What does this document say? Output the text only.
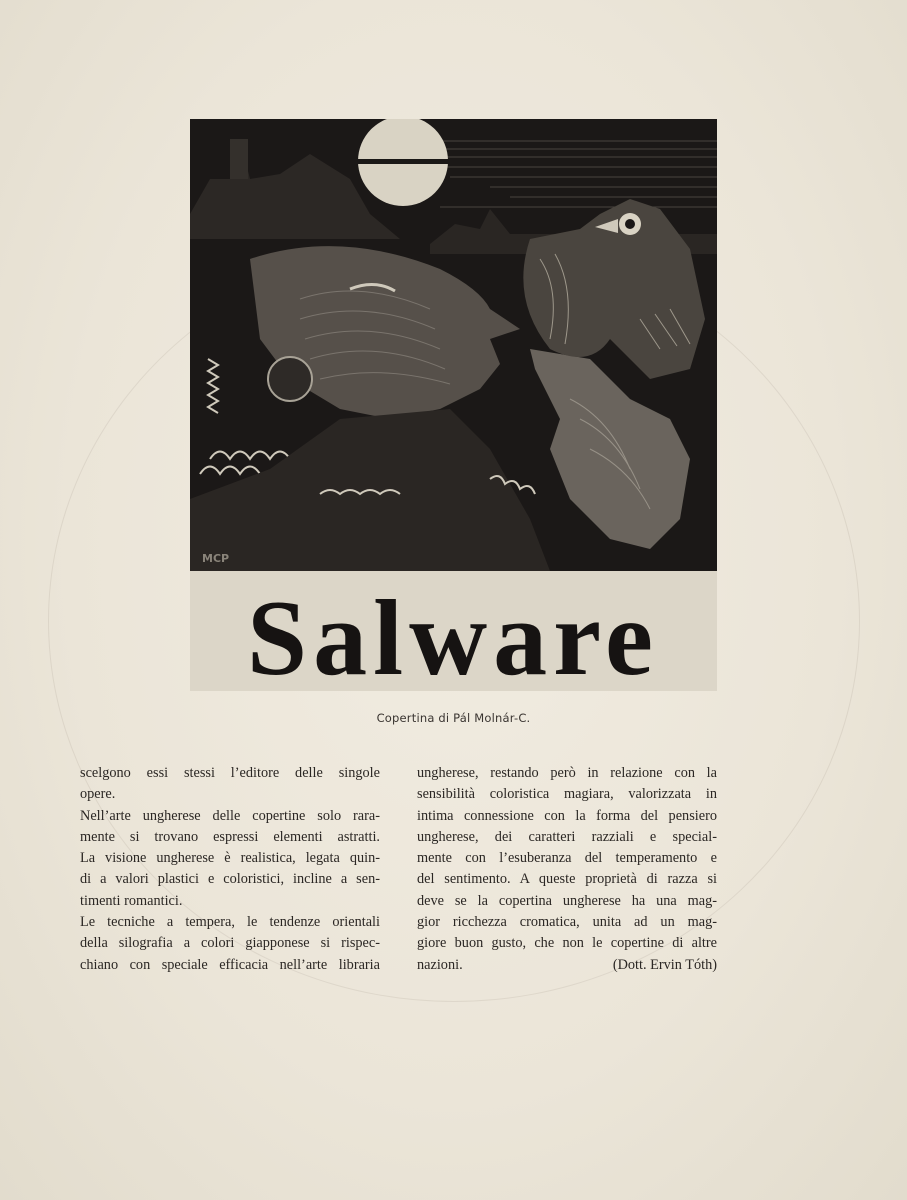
MCP
Salware
Copertina di Pál Molnár-C.

scelgono essi stessi l’editore delle singole

opere.

Nell’arte ungherese delle copertine solo rara-

mente si trovano espressi elementi astratti.

La visione ungherese è realistica, legata quin-

di a valori plastici e coloristici, incline a sen-

timenti romantici.

Le tecniche a tempera, le tendenze orientali

della silografia a colori giapponese si rispec-

chiano con speciale efficacia nell’arte libraria

ungherese, restando però in relazione con la

sensibilità coloristica magiara, valorizzata in

intima connessione con la forma del pensiero

ungherese, dei caratteri razziali e special-

mente con l’esuberanza del temperamento e

del sentimento. A queste proprietà di razza si

deve se la copertina ungherese ha una mag-

gior ricchezza cromatica, unita ad un mag-

giore buon gusto, che non le copertine di altre

nazioni.	(Dott. Ervin Tóth)
